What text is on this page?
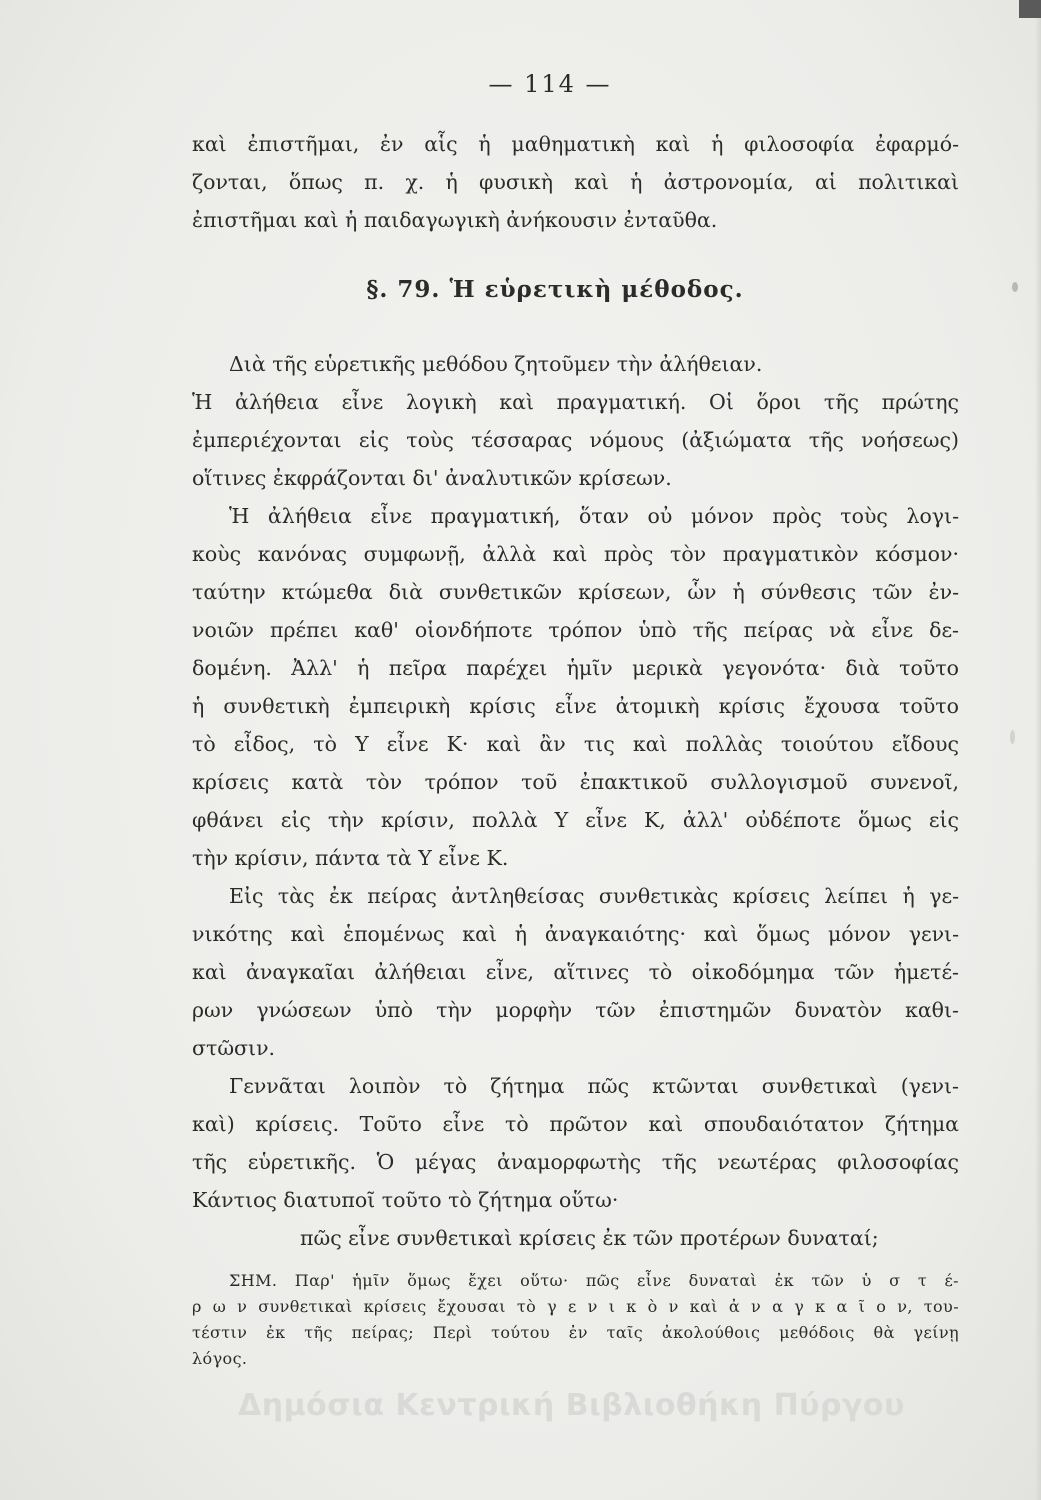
— 114 —
καὶ ἐπιστῆμαι, ἐν αἷς ἡ μαθηματικὴ καὶ ἡ φιλοσοφία ἐφαρμό-
ζονται, ὅπως π. χ. ἡ φυσικὴ καὶ ἡ ἀστρονομία, αἱ πολιτικαὶ
ἐπιστῆμαι καὶ ἡ παιδαγωγικὴ ἀνήκουσιν ἐνταῦθα.
§. 79. Ἡ εὑρετικὴ μέθοδος.
Διὰ τῆς εὑρετικῆς μεθόδου ζητοῦμεν τὴν ἀλήθειαν.
Ἡ ἀλήθεια εἶνε λογικὴ καὶ πραγματική. Οἱ ὅροι τῆς πρώτης
ἐμπεριέχονται εἰς τοὺς τέσσαρας νόμους (ἀξιώματα τῆς νοήσεως)
οἵτινες ἐκφράζονται δι' ἀναλυτικῶν κρίσεων.
Ἡ ἀλήθεια εἶνε πραγματική, ὅταν οὐ μόνον πρὸς τοὺς λογι-
κοὺς κανόνας συμφωνῇ, ἀλλὰ καὶ πρὸς τὸν πραγματικὸν κόσμον·
ταύτην κτώμεθα διὰ συνθετικῶν κρίσεων, ὧν ἡ σύνθεσις τῶν ἐν-
νοιῶν πρέπει καθ' οἱονδήποτε τρόπον ὑπὸ τῆς πείρας νὰ εἶνε δε-
δομένη. Ἀλλ' ἡ πεῖρα παρέχει ἡμῖν μερικὰ γεγονότα· διὰ τοῦτο
ἡ συνθετικὴ ἐμπειρικὴ κρίσις εἶνε ἀτομικὴ κρίσις ἔχουσα τοῦτο
τὸ εἶδος, τὸ Υ εἶνε Κ· καὶ ἂν τις καὶ πολλὰς τοιούτου εἴδους
κρίσεις κατὰ τὸν τρόπον τοῦ ἐπακτικοῦ συλλογισμοῦ συνενοῖ,
φθάνει εἰς τὴν κρίσιν, πολλὰ Υ εἶνε Κ, ἀλλ' οὐδέποτε ὅμως εἰς
τὴν κρίσιν, πάντα τὰ Υ εἶνε Κ.
Εἰς τὰς ἐκ πείρας ἀντληθείσας συνθετικὰς κρίσεις λείπει ἡ γε-
νικότης καὶ ἑπομένως καὶ ἡ ἀναγκαιότης· καὶ ὅμως μόνον γενι-
καὶ ἀναγκαῖαι ἀλήθειαι εἶνε, αἵτινες τὸ οἰκοδόμημα τῶν ἡμετέ-
ρων γνώσεων ὑπὸ τὴν μορφὴν τῶν ἐπιστημῶν δυνατὸν καθι-
στῶσιν.
Γεννᾶται λοιπὸν τὸ ζήτημα πῶς κτῶνται συνθετικαὶ (γενι-
καὶ) κρίσεις. Τοῦτο εἶνε τὸ πρῶτον καὶ σπουδαιότατον ζήτημα
τῆς εὑρετικῆς. Ὁ μέγας ἀναμορφωτὴς τῆς νεωτέρας φιλοσοφίας
Κάντιος διατυποῖ τοῦτο τὸ ζήτημα οὕτω·
πῶς εἶνε συνθετικαὶ κρίσεις ἐκ τῶν προτέρων δυναταί;
ΣΗΜ. Παρ' ἡμῖν ὅμως ἔχει οὕτω· πῶς εἶνε δυναταὶ ἐκ τῶν ὑ σ τ έ-
ρ ω ν συνθετικαὶ κρίσεις ἔχουσαι τὸ γ ε ν ι κ ὸ ν καὶ ἀ ν α γ κ α ῖ ο ν, του-
τέστιν ἐκ τῆς πείρας; Περὶ τούτου ἐν ταῖς ἀκολούθοις μεθόδοις θὰ γείνῃ
λόγος.
Δημόσια Κεντρική Βιβλιοθήκη Πύργου
